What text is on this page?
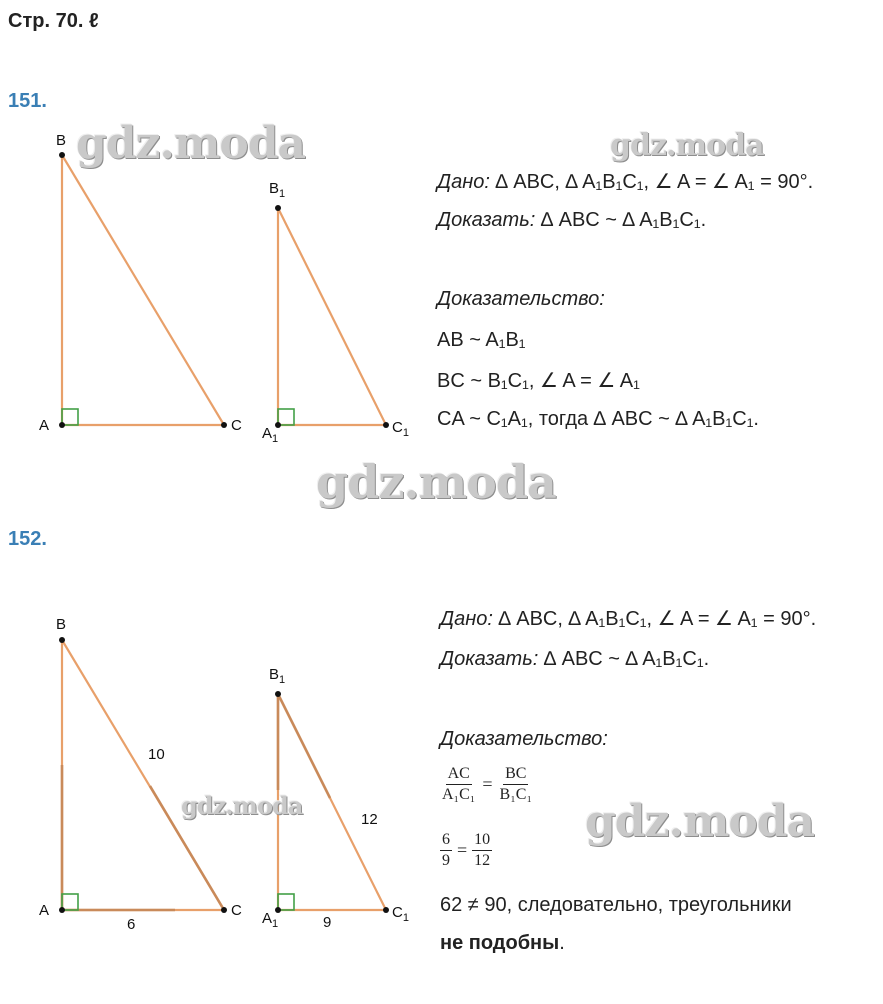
Стр. 70. ℓ
151.
B
A	C
$B_1$
$A_1$
$C_1$
gdz.moda	gdz.moda
gdz.moda
Дано: ∆ ABC, ∆ A₁B₁C₁, ∠ A = ∠ A₁ = 90°.
Доказать: ∆ ABC ~ ∆ A₁B₁C₁.
Доказательство:
AB ~ A₁B₁
BC ~ B₁C₁, ∠ A = ∠ A₁
CA ~ C₁A₁, тогда ∆ ABC ~ ∆ A₁B₁C₁.
152.
B
A	C
$B_1$
$A_1$
$C_1$
10
6
12
9
gdz.moda	gdz.moda
Дано: ∆ ABC, ∆ A₁B₁C₁, ∠ A = ∠ A₁ = 90°.
Доказать: ∆ ABC ~ ∆ A₁B₁C₁.
Доказательство:
$\frac{AC}{\text{A₁C₁}} = \frac{BC}{\text{B₁C₁}}$
$\frac{6}{9} = \frac{10}{12}$
62 ≠ 90, следовательно, треугольники
не подобны.
